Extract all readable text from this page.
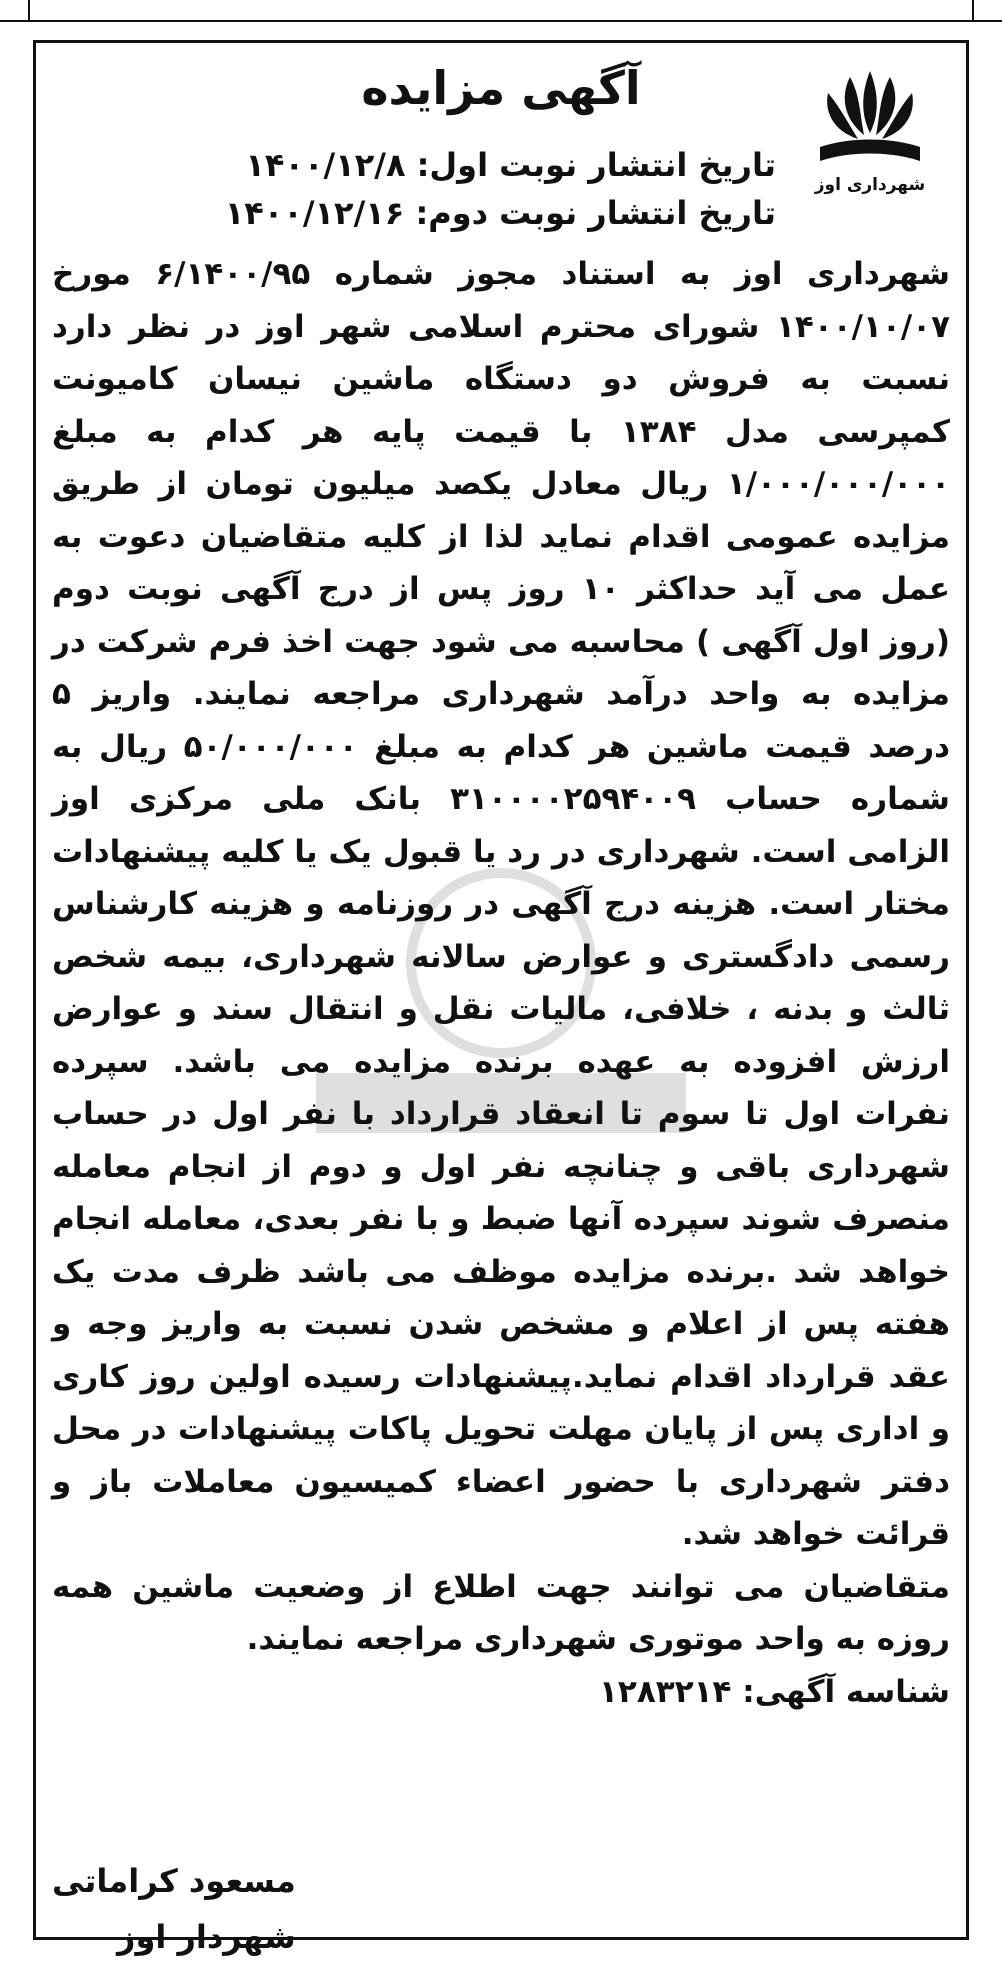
شهرداری اوز
آگهی مزایده
تاریخ انتشار نوبت اول: ۱۴۰۰/۱۲/۸
تاریخ انتشار نوبت دوم: ۱۴۰۰/۱۲/۱۶

شهرداری اوز به استناد مجوز شماره ۶/۱۴۰۰/۹۵ مورخ ۱۴۰۰/۱۰/۰۷ شورای محترم اسلامی شهر اوز در نظر دارد نسبت به فروش دو دستگاه ماشین نیسان کامیونت کمپرسی مدل ۱۳۸۴ با قیمت پایه هر کدام به مبلغ ۱/۰۰۰/۰۰۰/۰۰۰ ریال معادل یکصد میلیون تومان از طریق مزایده عمومی اقدام نماید لذا از کلیه متقاضیان دعوت به عمل می آید حداکثر ۱۰ روز پس از درج آگهی نوبت دوم (روز اول آگهی ) محاسبه می شود جهت اخذ فرم شرکت در مزایده به واحد درآمد شهرداری مراجعه نمایند. واریز ۵ درصد قیمت ماشین هر کدام به مبلغ ۵۰/۰۰۰/۰۰۰ ریال به شماره حساب ۳۱۰۰۰۰۲۵۹۴۰۰۹ بانک ملی مرکزی اوز الزامی است. شهرداری در رد یا قبول یک یا کلیه پیشنهادات مختار است. هزینه درج آگهی در روزنامه و هزینه کارشناس رسمی دادگستری و عوارض سالانه شهرداری، بیمه شخص ثالث و بدنه ، خلافی، مالیات نقل و انتقال سند و عوارض ارزش افزوده به عهده برنده مزایده می باشد. سپرده نفرات اول تا سوم تا انعقاد قرارداد با نفر اول در حساب شهرداری باقی و چنانچه نفر اول و دوم از انجام معامله منصرف شوند سپرده آنها ضبط و با نفر بعدی، معامله انجام خواهد شد .برنده مزایده موظف می باشد ظرف مدت یک هفته پس از اعلام و مشخص شدن نسبت به واریز وجه و عقد قرارداد اقدام نماید.پیشنهادات رسیده اولین روز کاری و اداری پس از پایان مهلت تحویل پاکات پیشنهادات در محل دفتر شهرداری با حضور اعضاء کمیسیون معاملات باز و قرائت خواهد شد.

متقاضیان می توانند جهت اطلاع از وضعیت ماشین همه روزه به واحد موتوری شهرداری مراجعه نمایند.

شناسه آگهی: ۱۲۸۳۲۱۴

مسعود کراماتی
شهردار اوز
